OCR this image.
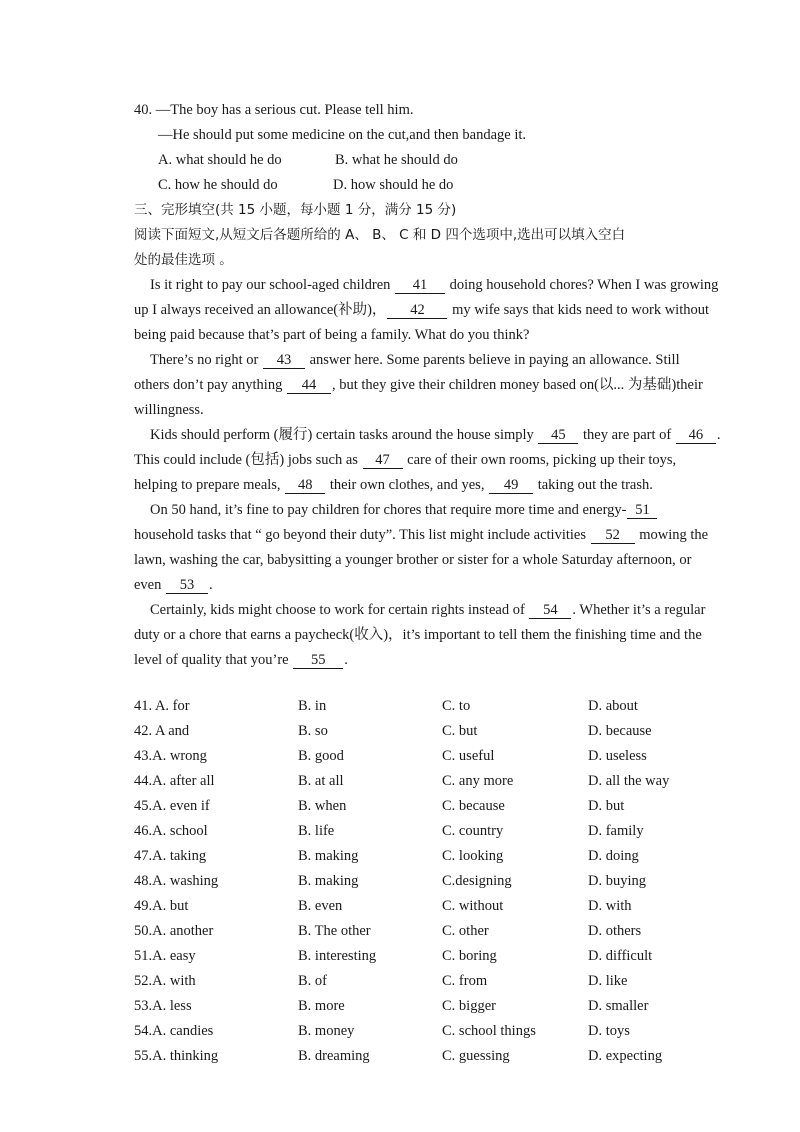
40. —The boy has a serious cut. Please tell him.
—He should put some medicine on the cut,and then bandage it.
A. what should he do	B. what he should do
C. how he should do	D. how should he do
三、完形填空(共 15 小题，每小题 1 分，满分 15 分)
阅读下面短文,从短文后各题所给的 A、 B、 C 和 D 四个选项中,选出可以填入空白
处的最佳选项 。
Is it right to pay our school-aged children 41 doing household chores? When I was growing
up I always received an allowance(补助)， 42 my wife says that kids need to work without
being paid because that’s part of being a family. What do you think?
There’s no right or 43 answer here. Some parents believe in paying an allowance. Still
others don’t pay anything 44 , but they give their children money based on(以... 为基础)their
willingness.
Kids should perform (履行) certain tasks around the house simply 45 they are part of 46 .
This could include (包括) jobs such as 47 care of their own rooms, picking up their toys,
helping to prepare meals, 48 their own clothes, and yes, 49 taking out the trash.
On 50 hand, it’s fine to pay children for chores that require more time and energy- 51
household tasks that “ go beyond their duty”. This list might include activities 52 mowing the
lawn, washing the car, babysitting a younger brother or sister for a whole Saturday afternoon, or
even 53 .
Certainly, kids might choose to work for certain rights instead of 54 . Whether it’s a regular
duty or a chore that earns a paycheck(收入)，it’s important to tell them the finishing time and the
level of quality that you’re 55 .
41. A. for	B. in	C. to	D. about
42. A and	B. so	C. but	D. because
43.A. wrong	B. good	C. useful	D. useless
44.A. after all	B. at all	C. any more	D. all the way
45.A. even if	B. when	C. because	D. but
46.A. school	B. life	C. country	D. family
47.A. taking	B. making	C. looking	D. doing
48.A. washing	B. making	C.designing	D. buying
49.A. but	B. even	C. without	D. with
50.A. another	B. The other	C. other	D. others
51.A. easy	B. interesting	C. boring	D. difficult
52.A. with	B. of	C. from	D. like
53.A. less	B. more	C. bigger	D. smaller
54.A. candies	B. money	C. school things	D. toys
55.A. thinking	B. dreaming	C. guessing	D. expecting
